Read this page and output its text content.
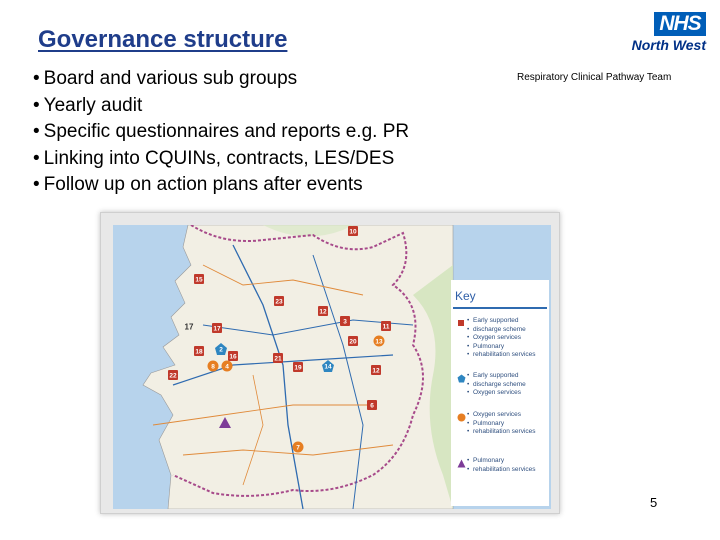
Governance structure
• Board and various sub groups
• Yearly audit
• Specific questionnaires and reports e.g. PR
• Linking into CQUINs, contracts, LES/DES
• Follow up on action plans after events
NHS
North West
Respiratory Clinical Pathway Team
10
15
23
12
20
17	11
18
16	21
19
22
12
6
3
14
2
13
8 4
7
17
Key
• Early supported
• discharge scheme
• Oxygen services
• Pulmonary
• rehabilitation services
• Early supported
• discharge scheme
• Oxygen services
• Oxygen services
• Pulmonary
• rehabilitation services
• Pulmonary
• rehabilitation services
5
